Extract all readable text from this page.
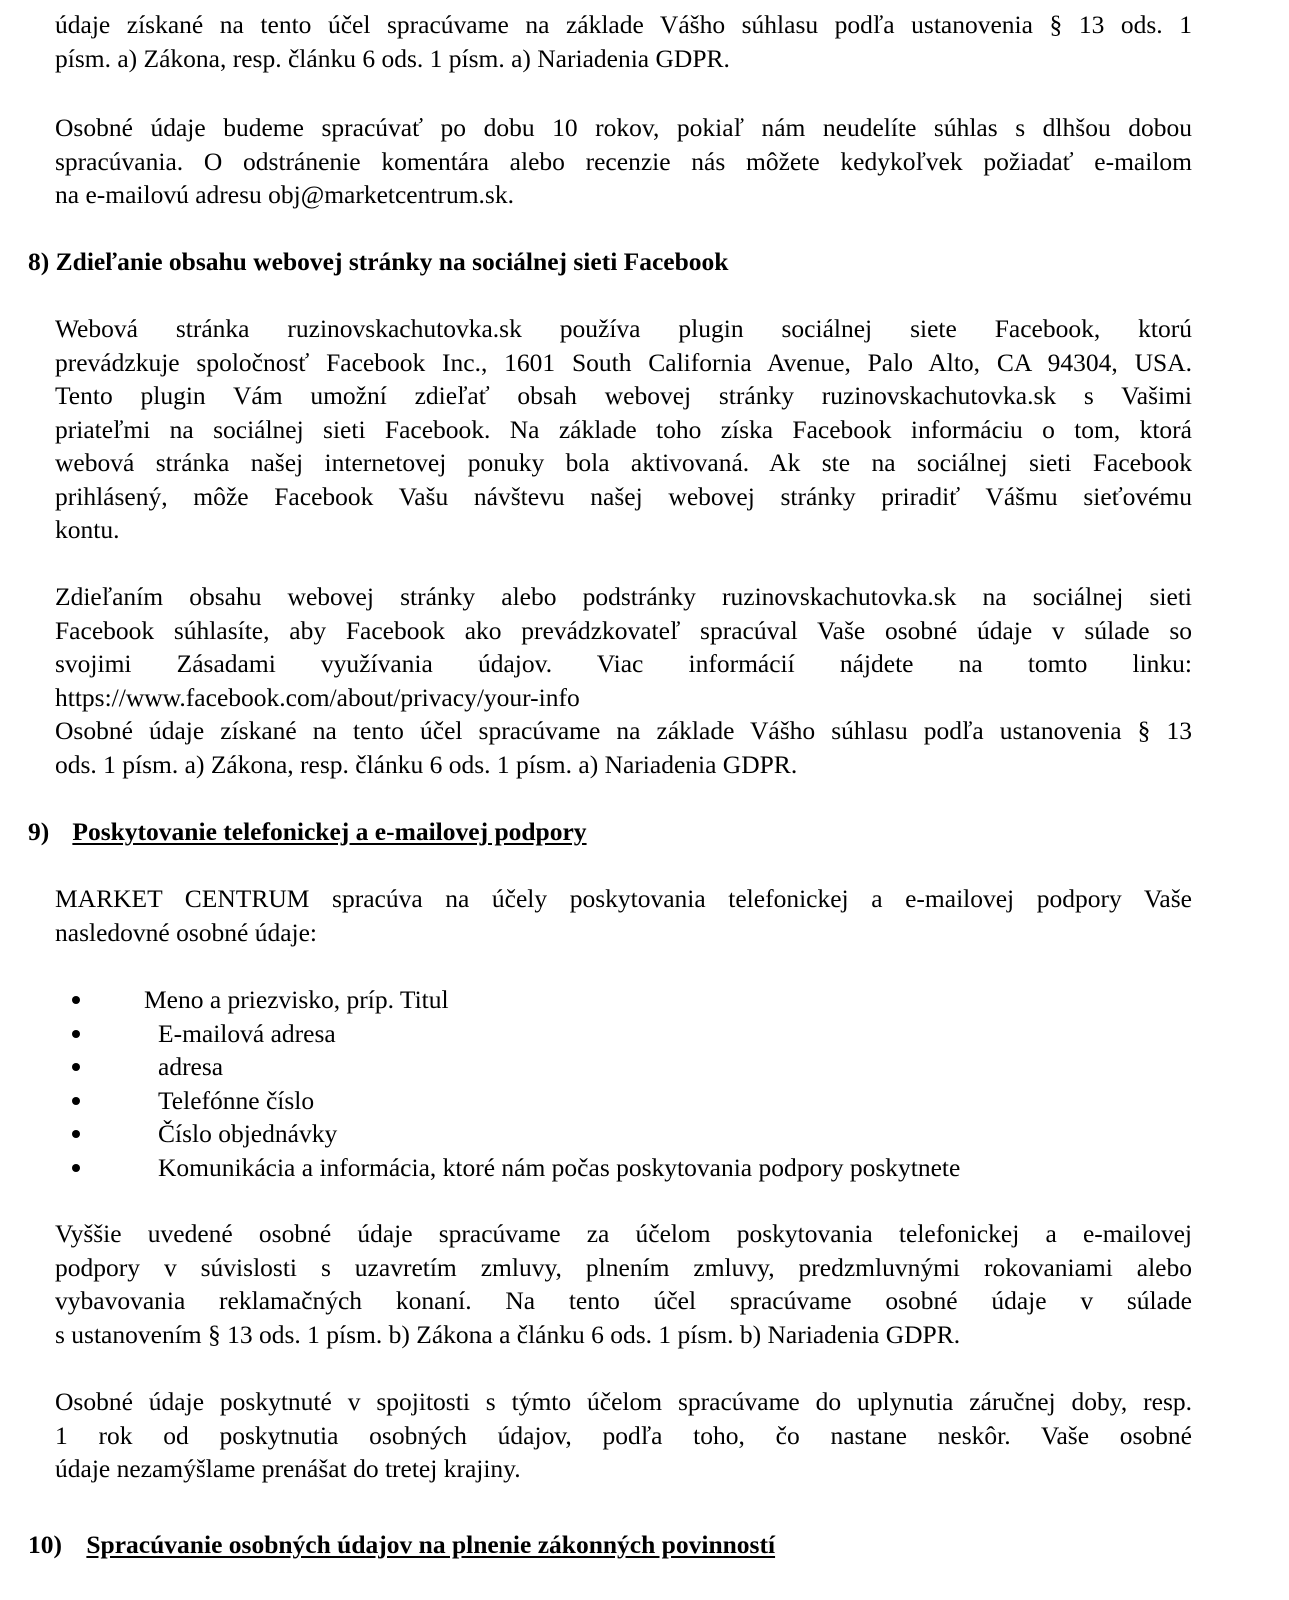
údaje získané na tento účel spracúvame na základe Vášho súhlasu podľa ustanovenia § 13 ods. 1
písm. a) Zákona, resp. článku 6 ods. 1 písm. a) Nariadenia GDPR.
Osobné údaje budeme spracúvať po dobu 10 rokov, pokiaľ nám neudelíte súhlas s dlhšou dobou
spracúvania. O odstránenie komentára alebo recenzie nás môžete kedykoľvek požiadať e-mailom
na e-mailovú adresu obj@marketcentrum.sk.
8) Zdieľanie obsahu webovej stránky na sociálnej sieti Facebook
Webová stránka ruzinovskachutovka.sk používa plugin sociálnej siete Facebook, ktorú
prevádzkuje spoločnosť Facebook Inc., 1601 South California Avenue, Palo Alto, CA 94304, USA.
Tento plugin Vám umožní zdieľať obsah webovej stránky ruzinovskachutovka.sk s Vašimi
priateľmi na sociálnej sieti Facebook. Na základe toho získa Facebook informáciu o tom, ktorá
webová stránka našej internetovej ponuky bola aktivovaná. Ak ste na sociálnej sieti Facebook
prihlásený, môže Facebook Vašu návštevu našej webovej stránky priradiť Vášmu sieťovému
kontu.
Zdieľaním obsahu webovej stránky alebo podstránky ruzinovskachutovka.sk na sociálnej sieti
Facebook súhlasíte, aby Facebook ako prevádzkovateľ spracúval Vaše osobné údaje v súlade so
svojimi Zásadami využívania údajov. Viac informácií nájdete na tomto linku:
https://www.facebook.com/about/privacy/your-info
Osobné údaje získané na tento účel spracúvame na základe Vášho súhlasu podľa ustanovenia § 13
ods. 1 písm. a) Zákona, resp. článku 6 ods. 1 písm. a) Nariadenia GDPR.
9) Poskytovanie telefonickej a e-mailovej podpory
MARKET CENTRUM spracúva na účely poskytovania telefonickej a e-mailovej podpory Vaše
nasledovné osobné údaje:
Meno a priezvisko, príp. Titul
E-mailová adresa
adresa
Telefónne číslo
Číslo objednávky
Komunikácia a informácia, ktoré nám počas poskytovania podpory poskytnete
Vyššie uvedené osobné údaje spracúvame za účelom poskytovania telefonickej a e-mailovej
podpory v súvislosti s uzavretím zmluvy, plnením zmluvy, predzmluvnými rokovaniami alebo
vybavovania reklamačných konaní. Na tento účel spracúvame osobné údaje v súlade
s ustanovením § 13 ods. 1 písm. b) Zákona a článku 6 ods. 1 písm. b) Nariadenia GDPR.
Osobné údaje poskytnuté v spojitosti s týmto účelom spracúvame do uplynutia záručnej doby, resp.
1 rok od poskytnutia osobných údajov, podľa toho, čo nastane neskôr. Vaše osobné
údaje nezamýšlame prenášat do tretej krajiny.
10) Spracúvanie osobných údajov na plnenie zákonných povinností
